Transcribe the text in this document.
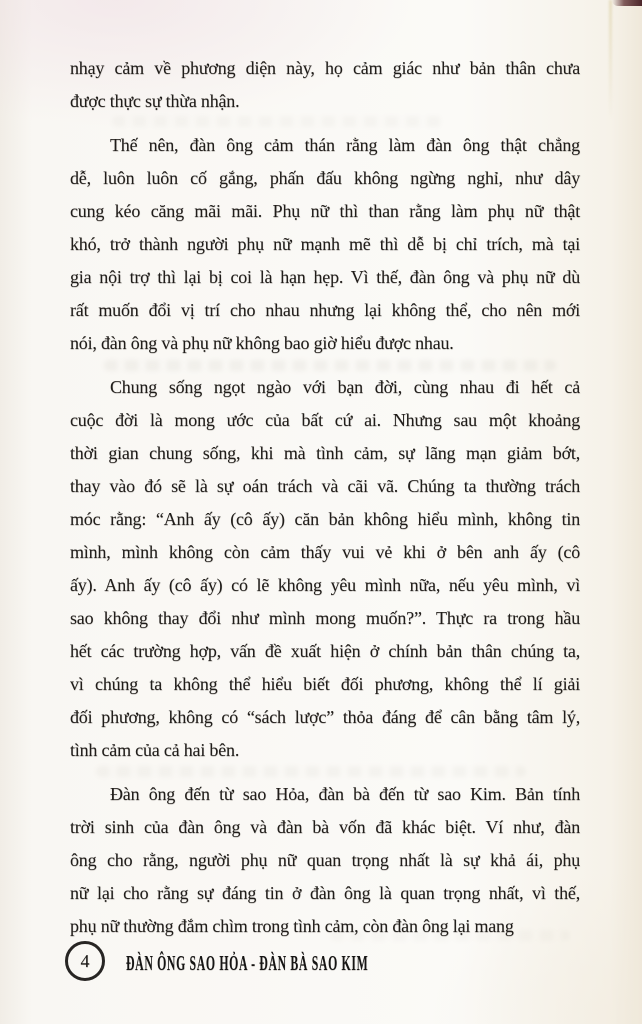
nhạy cảm về phương diện này, họ cảm giác như bản thân chưa
được thực sự thừa nhận.
Thế nên, đàn ông cảm thán rằng làm đàn ông thật chẳng
dễ, luôn luôn cố gắng, phấn đấu không ngừng nghỉ, như dây
cung kéo căng mãi mãi. Phụ nữ thì than rằng làm phụ nữ thật
khó, trở thành người phụ nữ mạnh mẽ thì dễ bị chỉ trích, mà tại
gia nội trợ thì lại bị coi là hạn hẹp. Vì thế, đàn ông và phụ nữ dù
rất muốn đổi vị trí cho nhau nhưng lại không thể, cho nên mới
nói, đàn ông và phụ nữ không bao giờ hiểu được nhau.
Chung sống ngọt ngào với bạn đời, cùng nhau đi hết cả
cuộc đời là mong ước của bất cứ ai. Nhưng sau một khoảng
thời gian chung sống, khi mà tình cảm, sự lãng mạn giảm bớt,
thay vào đó sẽ là sự oán trách và cãi vã. Chúng ta thường trách
móc rằng: “Anh ấy (cô ấy) căn bản không hiểu mình, không tin
mình, mình không còn cảm thấy vui vẻ khi ở bên anh ấy (cô
ấy). Anh ấy (cô ấy) có lẽ không yêu mình nữa, nếu yêu mình, vì
sao không thay đổi như mình mong muốn?”. Thực ra trong hầu
hết các trường hợp, vấn đề xuất hiện ở chính bản thân chúng ta,
vì chúng ta không thể hiểu biết đối phương, không thể lí giải
đối phương, không có “sách lược” thỏa đáng để cân bằng tâm lý,
tình cảm của cả hai bên.
Đàn ông đến từ sao Hỏa, đàn bà đến từ sao Kim. Bản tính
trời sinh của đàn ông và đàn bà vốn đã khác biệt. Ví như, đàn
ông cho rằng, người phụ nữ quan trọng nhất là sự khả ái, phụ
nữ lại cho rằng sự đáng tin ở đàn ông là quan trọng nhất, vì thế,
phụ nữ thường đắm chìm trong tình cảm, còn đàn ông lại mang
4 ĐÀN ÔNG SAO HỎA - ĐÀN BÀ SAO KIM
